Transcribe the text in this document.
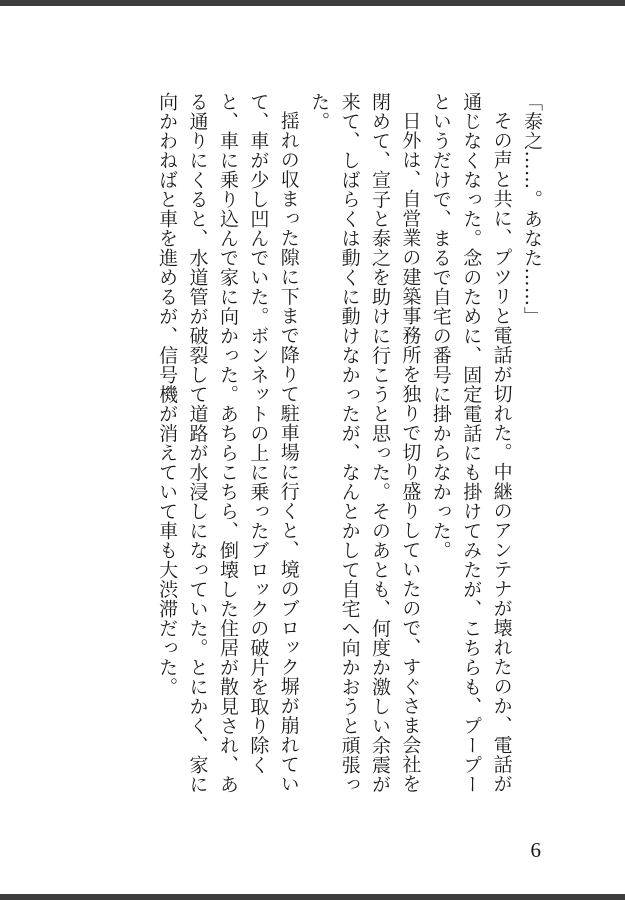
「泰之……。あなた……」

その声と共に、プツリと電話が切れた。中継のアンテナが壊れたのか、電話が通じなくなった。念のために、固定電話にも掛けてみたが、こちらも、プープーというだけで、まるで自宅の番号に掛からなかった。

日外は、自営業の建築事務所を独りで切り盛りしていたので、すぐさま会社を閉めて、宣子と泰之を助けに行こうと思った。そのあとも、何度か激しい余震が来て、しばらくは動くに動けなかったが、なんとかして自宅へ向かおうと頑張った。

揺れの収まった隙に下まで降りて駐車場に行くと、境のブロック塀が崩れていて、車が少し凹んでいた。ボンネットの上に乗ったブロックの破片を取り除くと、車に乗り込んで家に向かった。あちらこちら、倒壊した住居が散見され、ある通りにくると、水道管が破裂して道路が水浸しになっていた。とにかく、家に向かわねばと車を進めるが、信号機が消えていて車も大渋滞だった。

6
